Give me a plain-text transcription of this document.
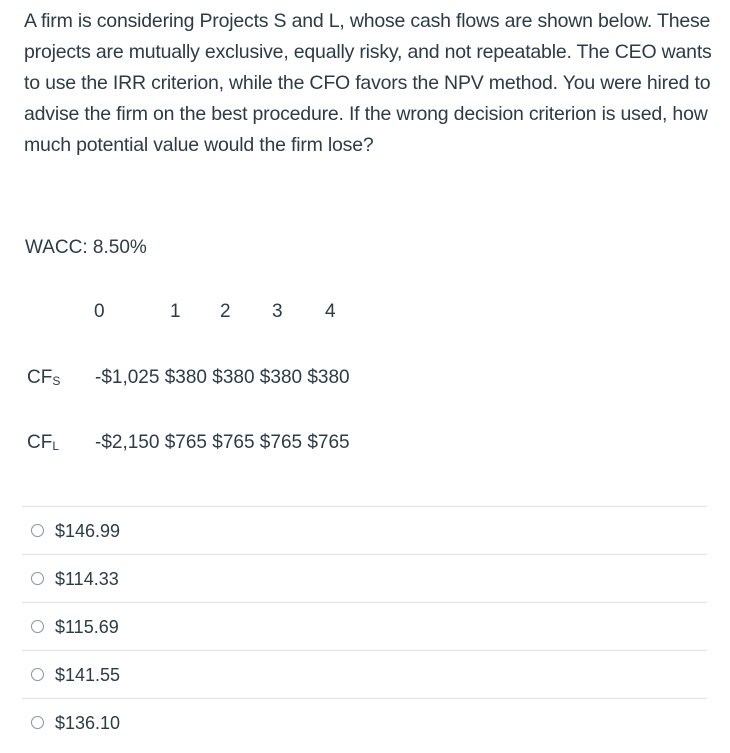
A firm is considering Projects S and L, whose cash flows are shown below. These projects are mutually exclusive, equally risky, and not repeatable. The CEO wants to use the IRR criterion, while the CFO favors the NPV method. You were hired to advise the firm on the best procedure. If the wrong decision criterion is used, how much potential value would the firm lose?

WACC: 8.50%

0	1 2 3 4
$CF_S$ -$1,025 $380 $380 $380 $380
$CF_L$ -$2,150 $765 $765 $765 $765
$146.99
$114.33
$115.69
$141.55
$136.10
